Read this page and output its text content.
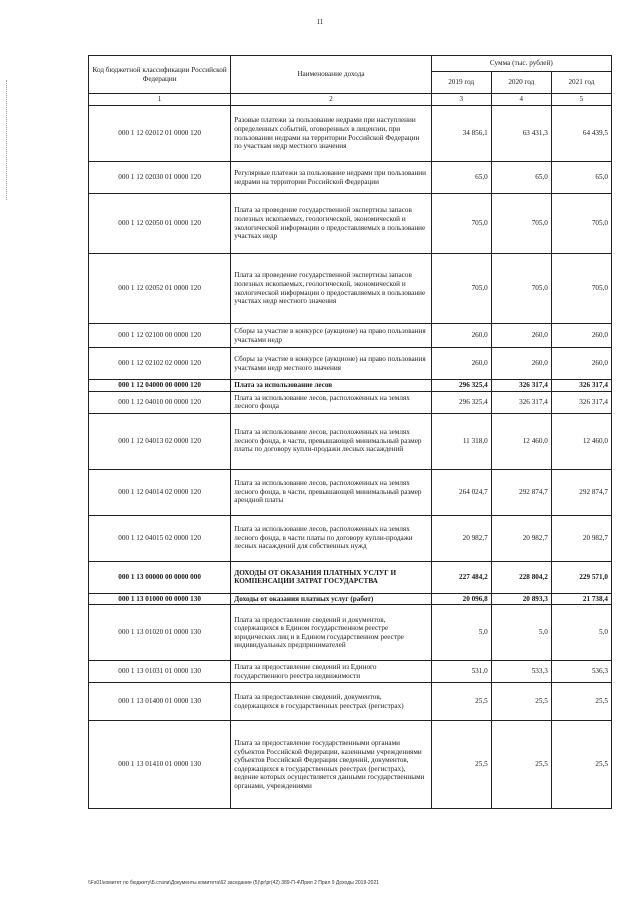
11
Код бюджетной классификации Российской Федерации	Наименование дохода	Сумма (тыс. рублей)		
		2019 год	2020 год	2021 год
1	2	3	4	5
000 1 12 02012 01 0000 120	Разовые платежи за пользование недрами при наступлении определенных событий, оговоренных в лицензии, при пользовании недрами на территории Российской Федерации по участкам недр местного значения	34 856,1	63 431,3	64 439,5
000 1 12 02030 01 0000 120	Регулярные платежи за пользование недрами при пользовании недрами на территории Российской Федерации	65,0	65,0	65,0
000 1 12 02050 01 0000 120	Плата за проведение государственной экспертизы запасов полезных ископаемых, геологической, экономической и экологической информации о предоставляемых в пользование участках недр	705,0	705,0	705,0
000 1 12 02052 01 0000 120	Плата за проведение государственной экспертизы запасов полезных ископаемых, геологической, экономической и экологической информации о предоставляемых в пользование участках недр местного значения	705,0	705,0	705,0
000 1 12 02100 00 0000 120	Сборы за участие в конкурсе (аукционе) на право пользования участками недр	260,0	260,0	260,0
000 1 12 02102 02 0000 120	Сборы за участие в конкурсе (аукционе) на право пользования участками недр местного значения	260,0	260,0	260,0
000 1 12 04000 00 0000 120	Плата за использование лесов	296 325,4	326 317,4	326 317,4
000 1 12 04010 00 0000 120	Плата за использование лесов, расположенных на землях лесного фонда	296 325,4	326 317,4	326 317,4
000 1 12 04013 02 0000 120	Плата за использование лесов, расположенных на землях лесного фонда, в части, превышающей минимальный размер платы по договору купли-продажи лесных насаждений	11 318,0	12 460,0	12 460,0
000 1 12 04014 02 0000 120	Плата за использование лесов, расположенных на землях лесного фонда, в части, превышающей минимальный размер арендной платы	264 024,7	292 874,7	292 874,7
000 1 12 04015 02 0000 120	Плата за использование лесов, расположенных на землях лесного фонда, в части платы по договору купли-продажи лесных насаждений для собственных нужд	20 982,7	20 982,7	20 982,7
000 1 13 00000 00 0000 000	ДОХОДЫ ОТ ОКАЗАНИЯ ПЛАТНЫХ УСЛУГ И КОМПЕНСАЦИИ ЗАТРАТ ГОСУДАРСТВА	227 484,2	228 804,2	229 571,0
000 1 13 01000 00 0000 130	Доходы от оказания платных услуг (работ)	20 096,8	20 893,3	21 738,4
000 1 13 01020 01 0000 130	Плата за предоставление сведений и документов, содержащихся в Едином государственном реестре юридических лиц и в Едином государственном реестре индивидуальных предпринимателей	5,0	5,0	5,0
000 1 13 01031 01 0000 130	Плата за предоставление сведений из Единого государственного реестра недвижимости	531,0	533,3	536,3
000 1 13 01400 01 0000 130	Плата за предоставление сведений, документов, содержащихся в государственных реестрах (регистрах)	25,5	25,5	25,5
000 1 13 01410 01 0000 130	Плата за предоставление государственными органами субъектов Российской Федерации, казенными учреждениями субъектов Российской Федерации сведений, документов, содержащихся в государственных реестрах (регистрах), ведение которых осуществляется данными государственными органами, учреждениями	25,5	25,5	25,5
\\Fs01\комитет по бюджету\Б.стали\Документы комитета\62 заседание (5)\pr\pr(42) 389-П-4\Прил 2 Прил 9 Доходы 2019-2021
